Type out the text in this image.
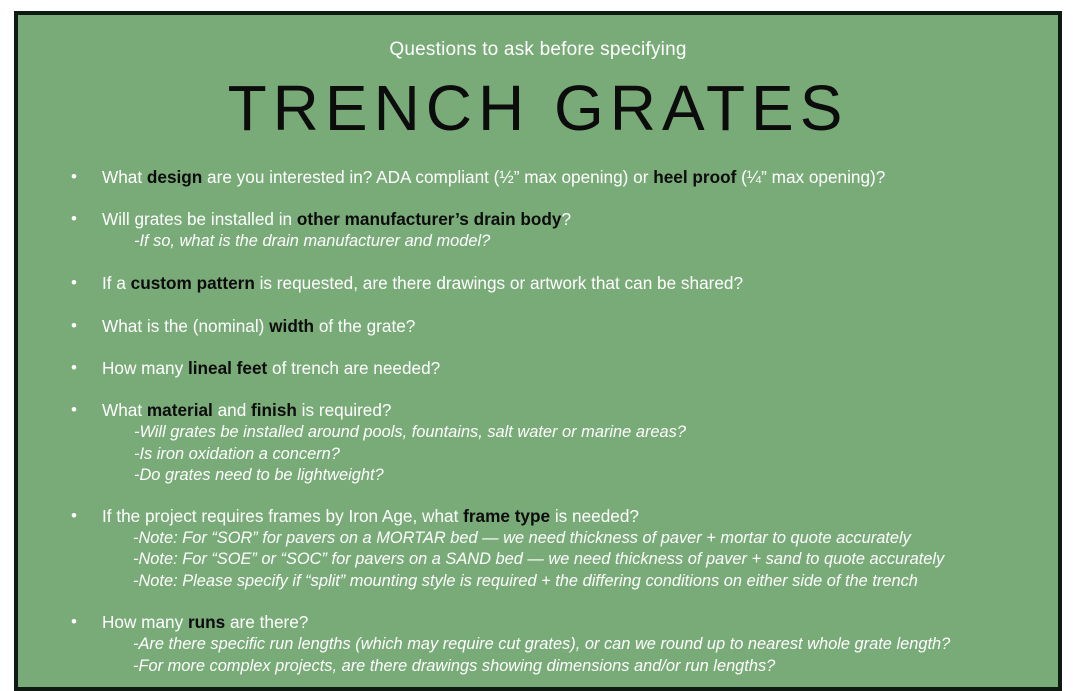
Questions to ask before specifying
TRENCH GRATES
•
What design are you interested in? ADA compliant (½” max opening) or heel proof (¼” max opening)?
•
Will grates be installed in other manufacturer’s drain body?
-If so, what is the drain manufacturer and model?
•
If a custom pattern is requested, are there drawings or artwork that can be shared?
•
What is the (nominal) width of the grate?
•
How many lineal feet of trench are needed?
•
What material and finish is required?
-Will grates be installed around pools, fountains, salt water or marine areas?
-Is iron oxidation a concern?
-Do grates need to be lightweight?
•
If the project requires frames by Iron Age, what frame type is needed?
-Note: For “SOR” for pavers on a MORTAR bed — we need thickness of paver + mortar to quote accurately
-Note: For “SOE” or “SOC” for pavers on a SAND bed — we need thickness of paver + sand to quote accurately
-Note: Please specify if “split” mounting style is required + the differing conditions on either side of the trench
•
How many runs are there?
-Are there specific run lengths (which may require cut grates), or can we round up to nearest whole grate length?
-For more complex projects, are there drawings showing dimensions and/or run lengths?
